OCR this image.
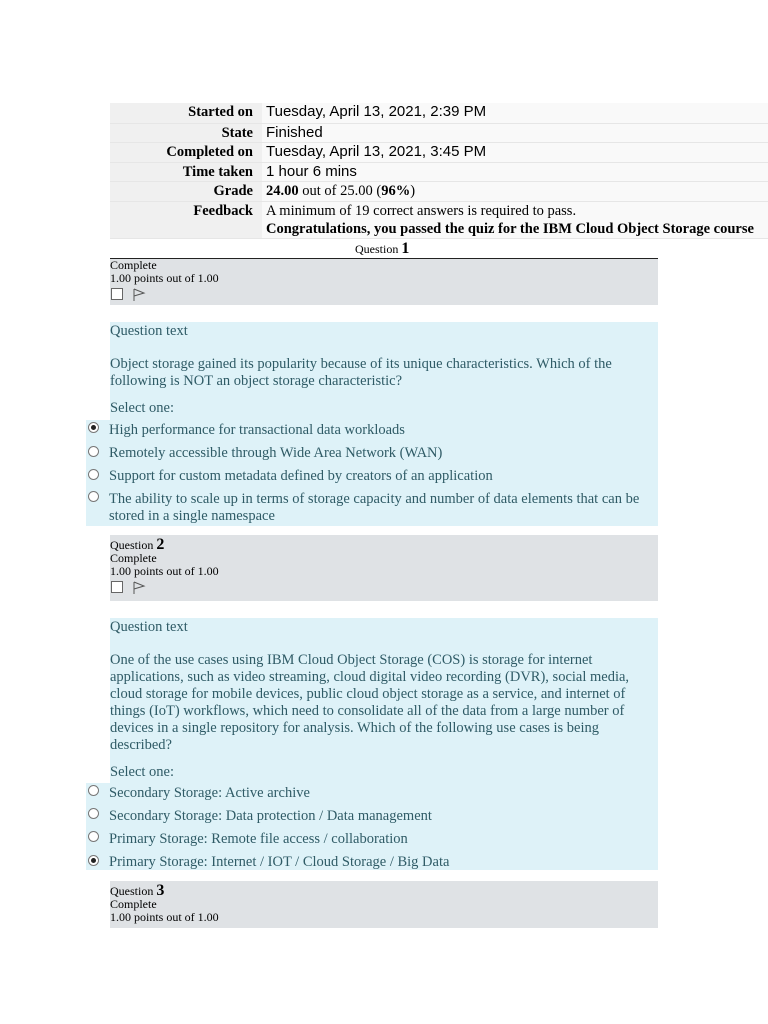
Started on	Tuesday, April 13, 2021, 2:39 PM
State	Finished
Completed on	Tuesday, April 13, 2021, 3:45 PM
Time taken	1 hour 6 mins
Grade	24.00 out of 25.00 (96%)
Feedback	A minimum of 19 correct answers is required to pass.
Congratulations, you passed the quiz for the IBM Cloud Object Storage course
Question 1
Complete
1.00 points out of 1.00

Question text

Object storage gained its popularity because of its unique characteristics. Which of the following is NOT an object storage characteristic?

Select one:

High performance for transactional data workloads
Remotely accessible through Wide Area Network (WAN)
Support for custom metadata defined by creators of an application
The ability to scale up in terms of storage capacity and number of data elements that can be stored in a single namespace
Question 2
Complete
1.00 points out of 1.00

Question text

One of the use cases using IBM Cloud Object Storage (COS) is storage for internet applications, such as video streaming, cloud digital video recording (DVR), social media, cloud storage for mobile devices, public cloud object storage as a service, and internet of things (IoT) workflows, which need to consolidate all of the data from a large number of devices in a single repository for analysis. Which of the following use cases is being described?

Select one:

Secondary Storage: Active archive
Secondary Storage: Data protection / Data management
Primary Storage: Remote file access / collaboration
Primary Storage: Internet / IOT / Cloud Storage / Big Data
Question 3
Complete
1.00 points out of 1.00
